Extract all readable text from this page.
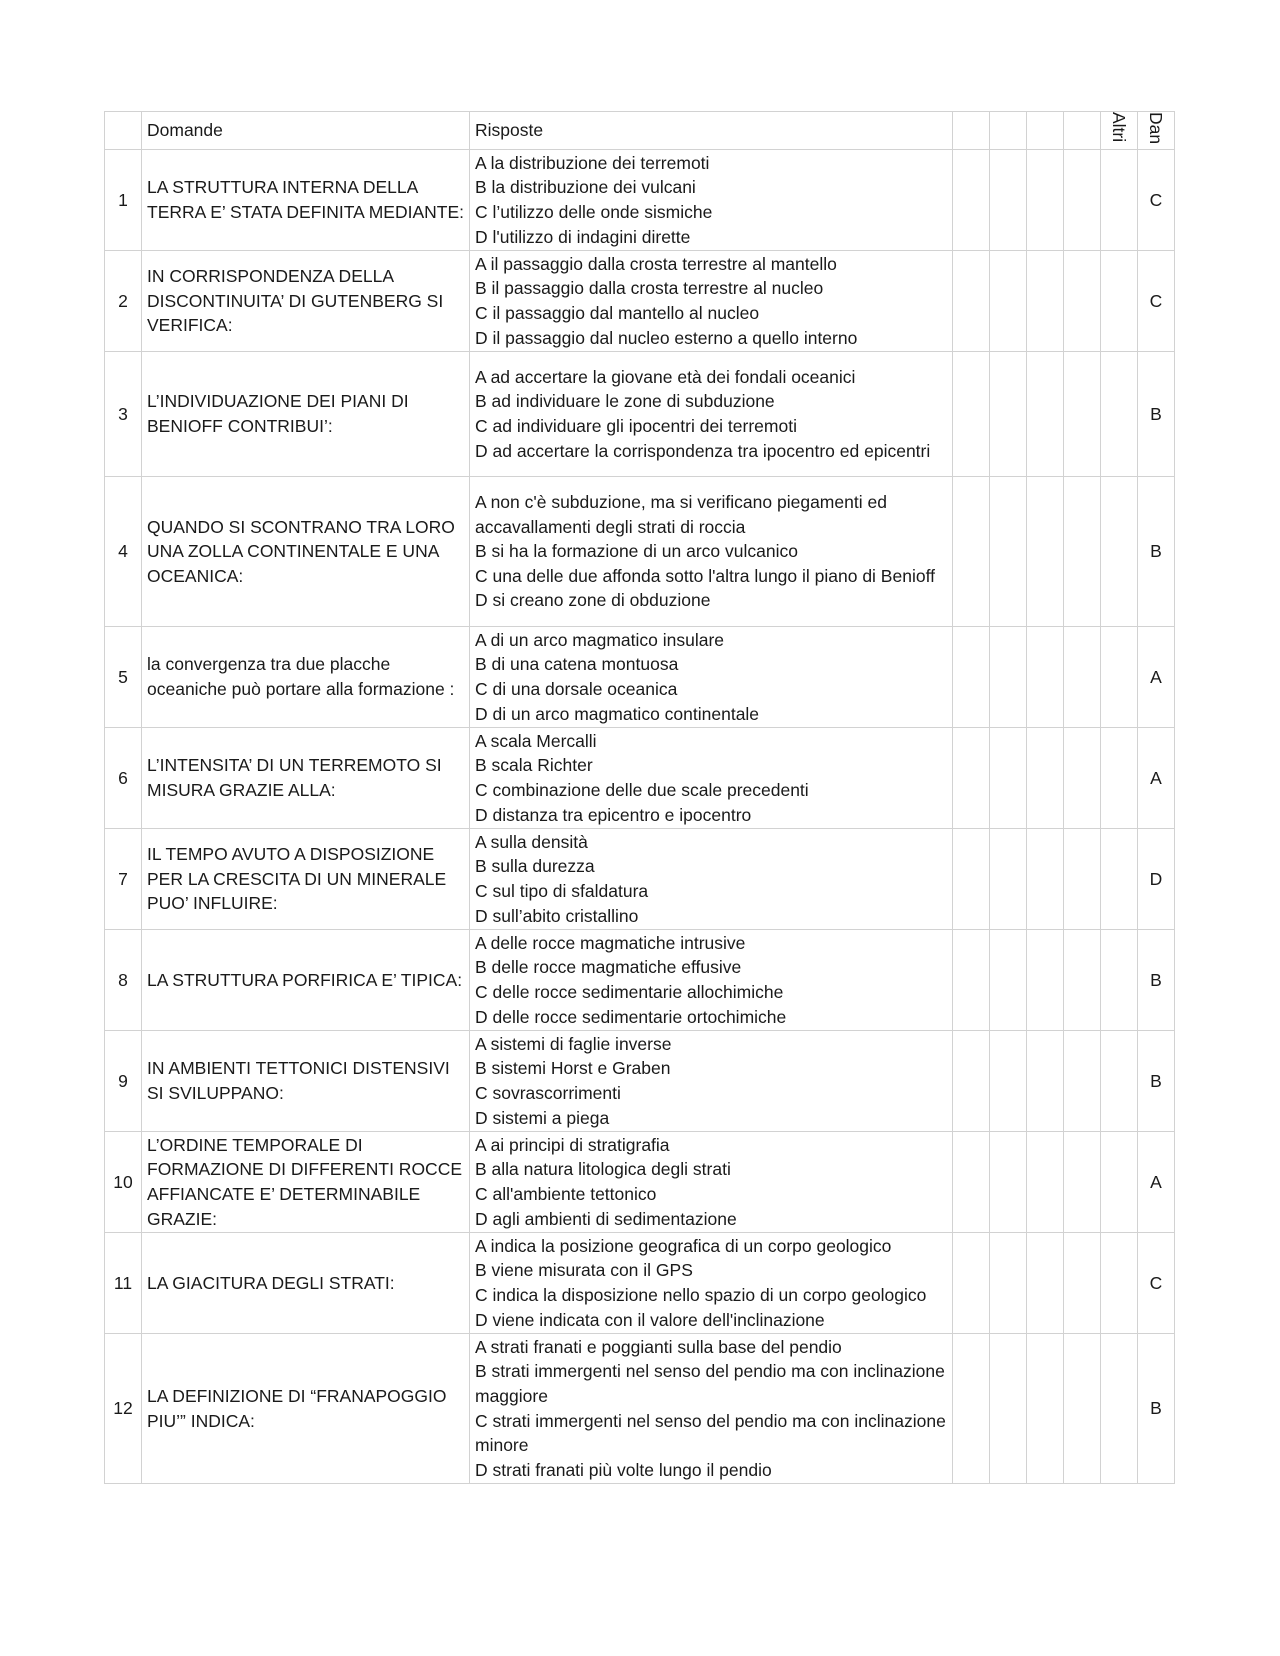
	Domande	Risposte					Altri	Dan

1	LA STRUTTURA INTERNA DELLA TERRA E’ STATA DEFINITA MEDIANTE:	A la distribuzione dei terremoti
B la distribuzione dei vulcani
C l’utilizzo delle onde sismiche
D l'utilizzo di indagini dirette						C
2	IN CORRISPONDENZA DELLA DISCONTINUITA’ DI GUTENBERG SI VERIFICA:	A il passaggio dalla crosta terrestre al mantello
B il passaggio dalla crosta terrestre al nucleo
C il passaggio dal mantello al nucleo
D il passaggio dal nucleo esterno a quello interno						C
3	L’INDIVIDUAZIONE DEI PIANI DI BENIOFF CONTRIBUI’:	A ad accertare la giovane età dei fondali oceanici
B ad individuare le zone di subduzione
C ad individuare gli ipocentri dei terremoti
D ad accertare la corrispondenza tra ipocentro ed epicentri						B
4	QUANDO SI SCONTRANO TRA LORO UNA ZOLLA CONTINENTALE E UNA OCEANICA:	A non c'è subduzione, ma si verificano piegamenti ed accavallamenti degli strati di roccia
B si ha la formazione di un arco vulcanico
C una delle due affonda sotto l'altra lungo il piano di Benioff
D si creano zone di obduzione						B
5	la convergenza tra due placche oceaniche può portare alla formazione :	A di un arco magmatico insulare
B di una catena montuosa
C di una dorsale oceanica
D di un arco magmatico continentale						A
6	L’INTENSITA’ DI UN TERREMOTO SI MISURA GRAZIE ALLA:	A scala Mercalli
B scala Richter
C combinazione delle due scale precedenti
D distanza tra epicentro e ipocentro						A
7	IL TEMPO AVUTO A DISPOSIZIONE PER LA CRESCITA DI UN MINERALE PUO’ INFLUIRE:	A sulla densità
B sulla durezza
C sul tipo di sfaldatura
D sull’abito cristallino						D
8	LA STRUTTURA PORFIRICA E’ TIPICA:	A delle rocce magmatiche intrusive
B delle rocce magmatiche effusive
C delle rocce sedimentarie allochimiche
D delle rocce sedimentarie ortochimiche						B
9	IN AMBIENTI TETTONICI DISTENSIVI SI SVILUPPANO:	A sistemi di faglie inverse
B sistemi Horst e Graben
C sovrascorrimenti
D sistemi a piega						B
10	L’ORDINE TEMPORALE DI FORMAZIONE DI DIFFERENTI ROCCE AFFIANCATE E’ DETERMINABILE GRAZIE:	A ai principi di stratigrafia
B alla natura litologica degli strati
C all'ambiente tettonico
D agli ambienti di sedimentazione						A
11	LA GIACITURA DEGLI STRATI:	A indica la posizione geografica di un corpo geologico
B viene misurata con il GPS
C indica la disposizione nello spazio di un corpo geologico
D viene indicata con il valore dell'inclinazione						C
12	LA DEFINIZIONE DI “FRANAPOGGIO PIU’” INDICA:	A strati franati e poggianti sulla base del pendio
B strati immergenti nel senso del pendio ma con inclinazione maggiore
C strati immergenti nel senso del pendio ma con inclinazione minore
D strati franati più volte lungo il pendio						B
